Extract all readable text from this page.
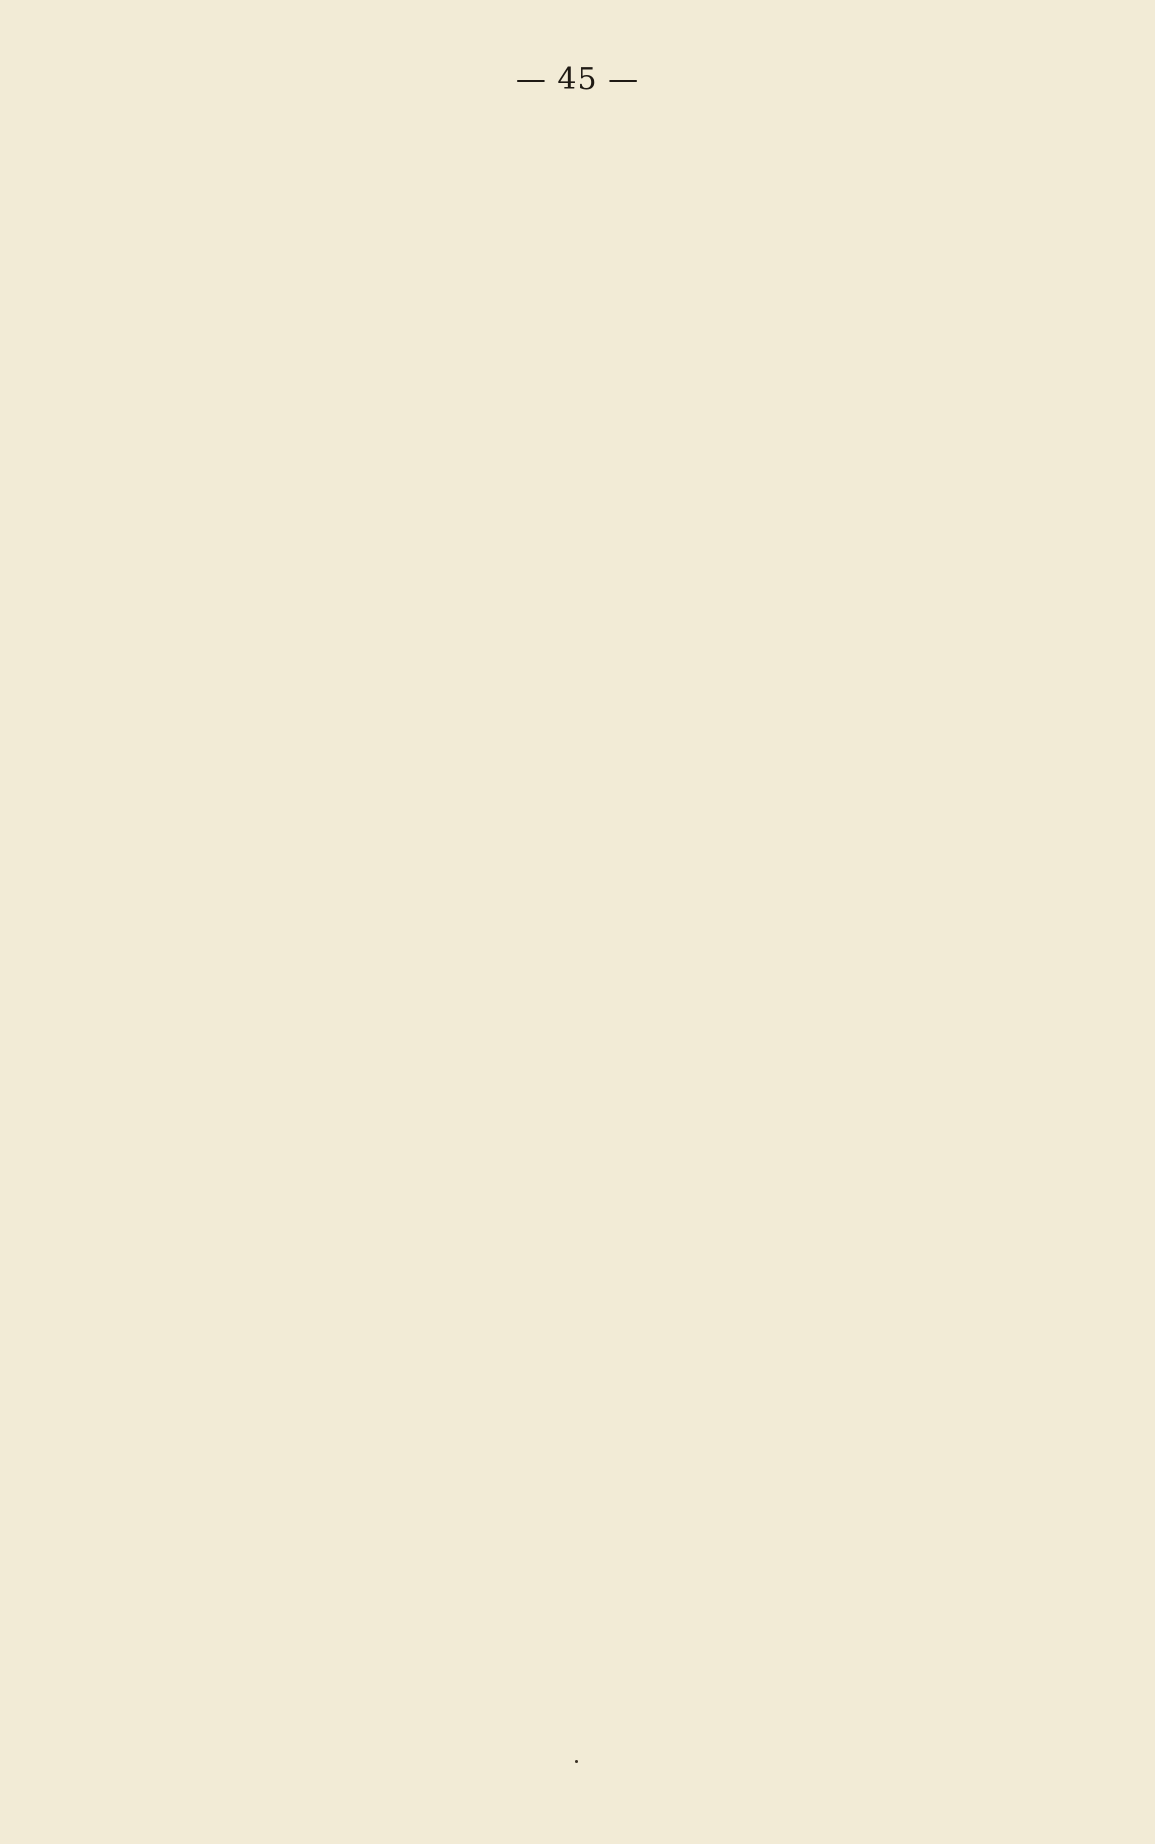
— 45 —
